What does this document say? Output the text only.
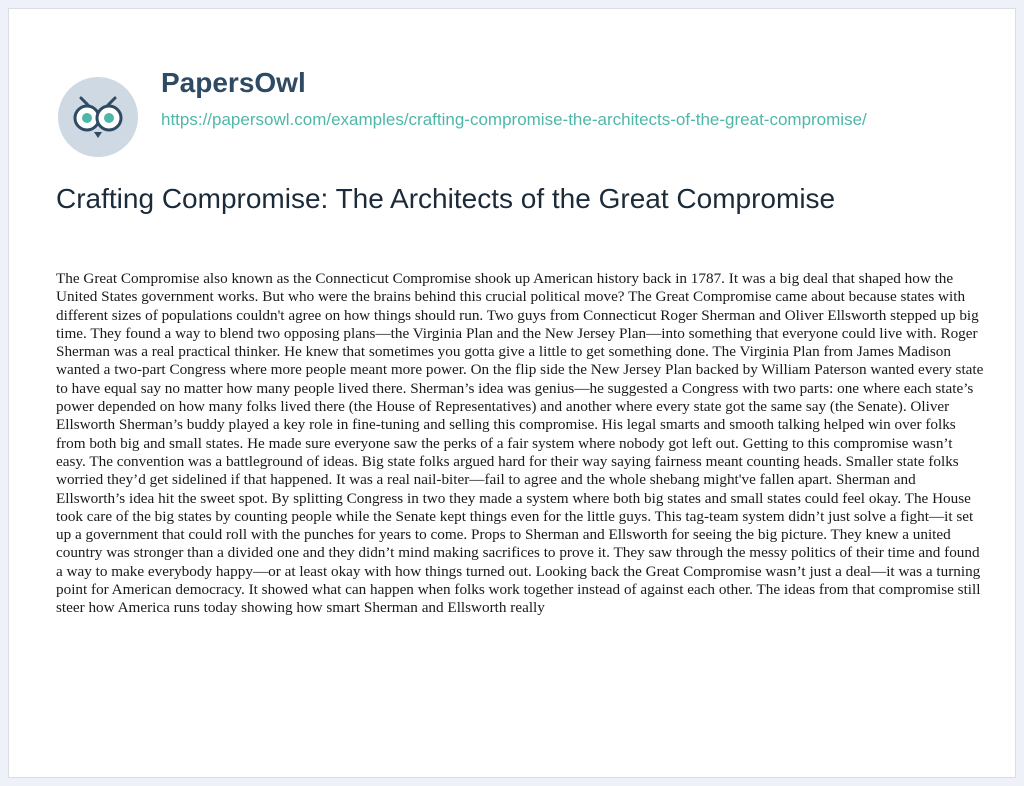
PapersOwl
https://papersowl.com/examples/crafting-compromise-the-architects-of-the-great-compromise/
Crafting Compromise: The Architects of the Great Compromise

The Great Compromise also known as the Connecticut Compromise shook up American history back in 1787. It was a big deal that shaped how the United States government works. But who were the brains behind this crucial political move? The Great Compromise came about because states with different sizes of populations couldn't agree on how things should run. Two guys from Connecticut Roger Sherman and Oliver Ellsworth stepped up big time. They found a way to blend two opposing plans—the Virginia Plan and the New Jersey Plan—into something that everyone could live with. Roger Sherman was a real practical thinker. He knew that sometimes you gotta give a little to get something done. The Virginia Plan from James Madison wanted a two-part Congress where more people meant more power. On the flip side the New Jersey Plan backed by William Paterson wanted every state to have equal say no matter how many people lived there. Sherman’s idea was genius—he suggested a Congress with two parts: one where each state’s power depended on how many folks lived there (the House of Representatives) and another where every state got the same say (the Senate). Oliver Ellsworth Sherman’s buddy played a key role in fine-tuning and selling this compromise. His legal smarts and smooth talking helped win over folks from both big and small states. He made sure everyone saw the perks of a fair system where nobody got left out. Getting to this compromise wasn’t easy. The convention was a battleground of ideas. Big state folks argued hard for their way saying fairness meant counting heads. Smaller state folks worried they’d get sidelined if that happened. It was a real nail-biter—fail to agree and the whole shebang might've fallen apart. Sherman and Ellsworth’s idea hit the sweet spot. By splitting Congress in two they made a system where both big states and small states could feel okay. The House took care of the big states by counting people while the Senate kept things even for the little guys. This tag-team system didn’t just solve a fight—it set up a government that could roll with the punches for years to come. Props to Sherman and Ellsworth for seeing the big picture. They knew a united country was stronger than a divided one and they didn’t mind making sacrifices to prove it. They saw through the messy politics of their time and found a way to make everybody happy—or at least okay with how things turned out. Looking back the Great Compromise wasn’t just a deal—it was a turning point for American democracy. It showed what can happen when folks work together instead of against each other. The ideas from that compromise still steer how America runs today showing how smart Sherman and Ellsworth really
